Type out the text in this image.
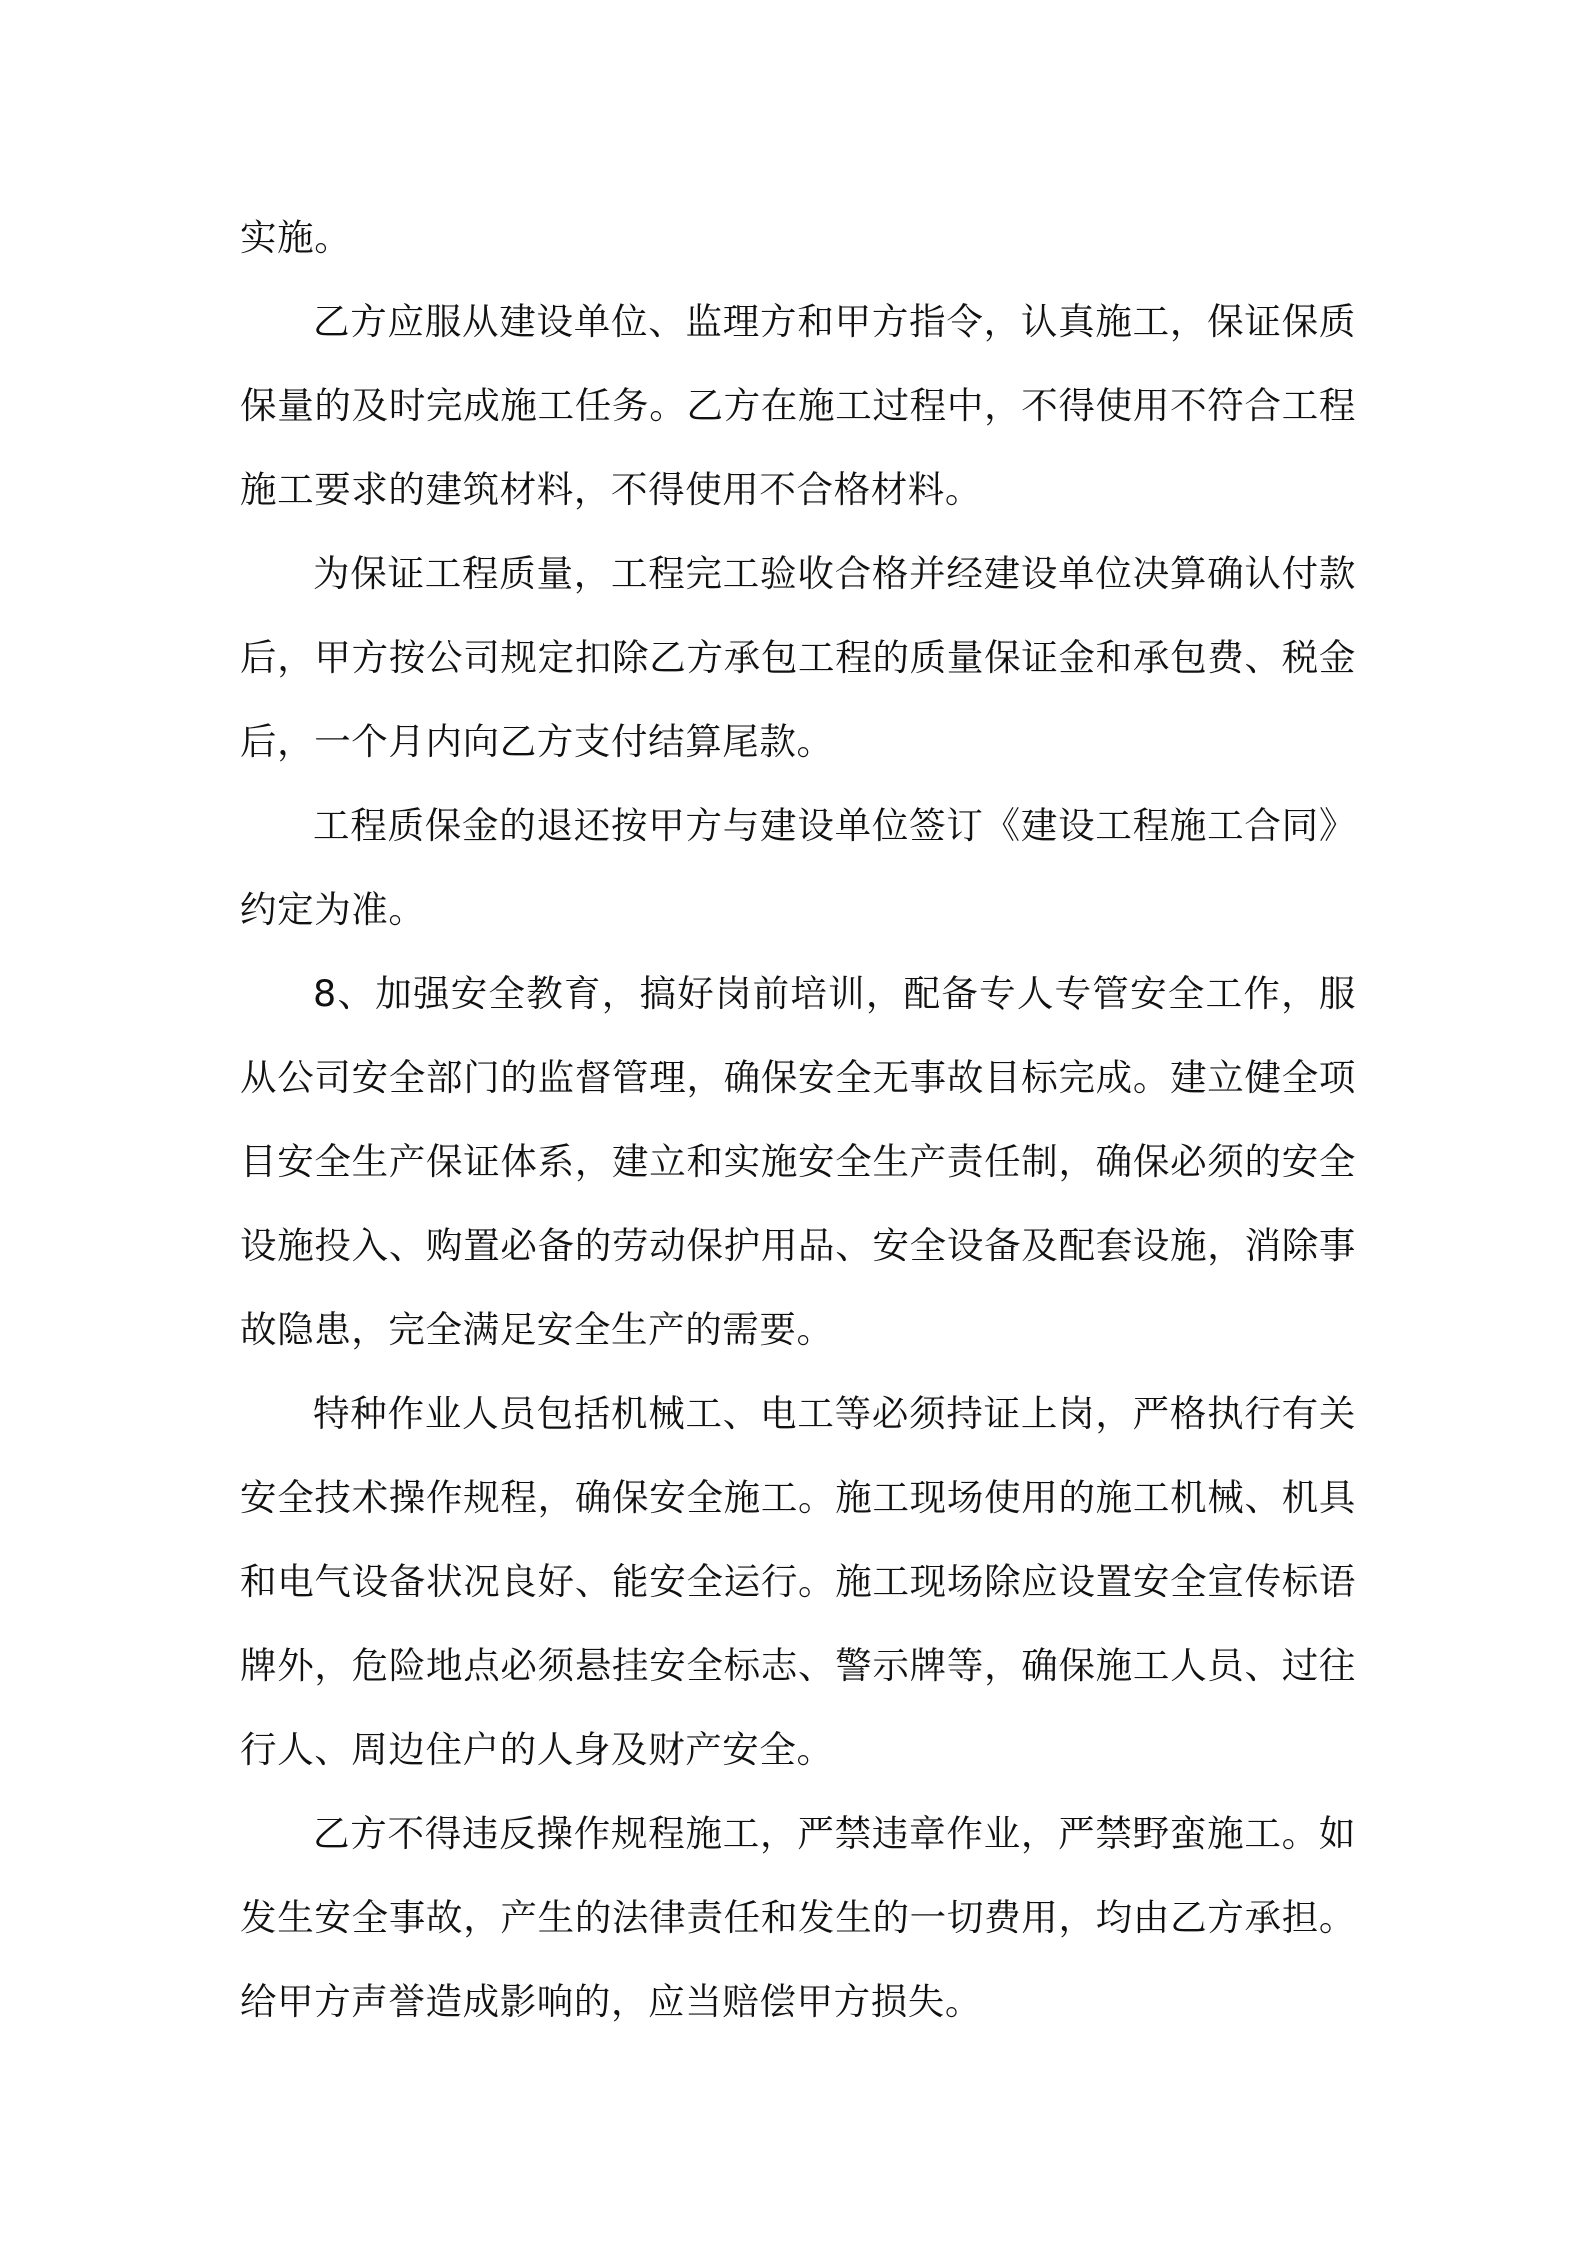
实施。

乙方应服从建设单位、监理方和甲方指令，认真施工，保证保质保量的及时完成施工任务。乙方在施工过程中，不得使用不符合工程施工要求的建筑材料，不得使用不合格材料。

为保证工程质量，工程完工验收合格并经建设单位决算确认付款后，甲方按公司规定扣除乙方承包工程的质量保证金和承包费、税金后，一个月内向乙方支付结算尾款。

工程质保金的退还按甲方与建设单位签订《建设工程施工合同》约定为准。

8、加强安全教育，搞好岗前培训，配备专人专管安全工作，服从公司安全部门的监督管理，确保安全无事故目标完成。建立健全项目安全生产保证体系，建立和实施安全生产责任制，确保必须的安全设施投入、购置必备的劳动保护用品、安全设备及配套设施，消除事故隐患，完全满足安全生产的需要。

特种作业人员包括机械工、电工等必须持证上岗，严格执行有关安全技术操作规程，确保安全施工。施工现场使用的施工机械、机具和电气设备状况良好、能安全运行。施工现场除应设置安全宣传标语牌外，危险地点必须悬挂安全标志、警示牌等，确保施工人员、过往行人、周边住户的人身及财产安全。

乙方不得违反操作规程施工，严禁违章作业，严禁野蛮施工。如发生安全事故，产生的法律责任和发生的一切费用，均由乙方承担。给甲方声誉造成影响的，应当赔偿甲方损失。
